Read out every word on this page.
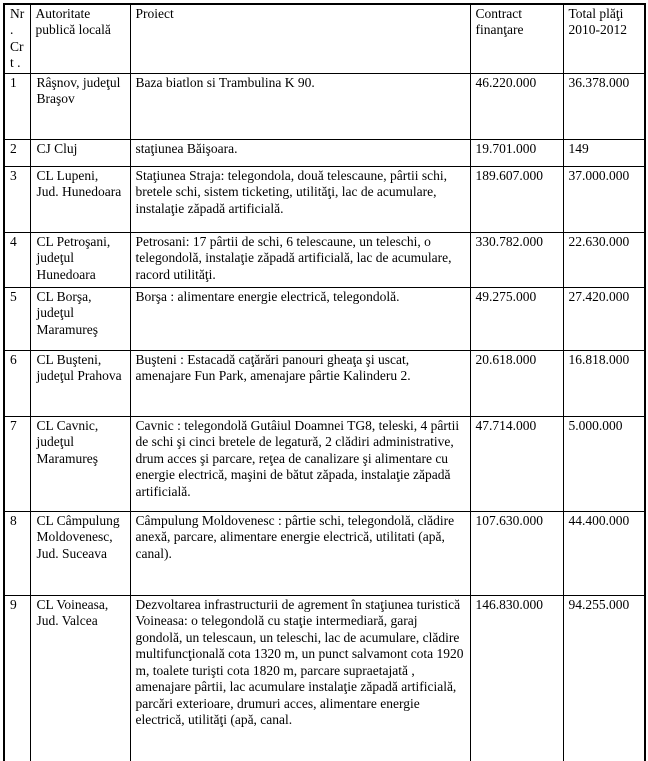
Nr. Crt .	Autoritate publică locală	Proiect	Contract finanţare	Total plăţi 2010-2012
1	Râşnov, judeţul Braşov	Baza biatlon si Trambulina K 90.	46.220.000	36.378.000
2	CJ Cluj	staţiunea Băişoara.	19.701.000	149
3	CL Lupeni, Jud. Hunedoara	Staţiunea Straja: telegondola, două telescaune, pârtii schi, bretele schi, sistem ticketing, utilităţi, lac de acumulare, instalaţie zăpadă artificială.	189.607.000	37.000.000
4	CL Petroşani, judeţul Hunedoara	Petrosani: 17 pârtii de schi, 6 telescaune, un teleschi, o telegondolă, instalaţie zăpadă artificială, lac de acumulare, racord utilităţi.	330.782.000	22.630.000
5	CL Borşa, judeţul Maramureş	Borşa : alimentare energie electrică, telegondolă.	49.275.000	27.420.000
6	CL Buşteni, judeţul Prahova	Buşteni : Estacadă caţărări panouri gheaţa şi uscat, amenajare Fun Park, amenajare pârtie Kalinderu 2.	20.618.000	16.818.000
7	CL Cavnic, judeţul Maramureş	Cavnic : telegondolă Gutâiul Doamnei TG8, teleski, 4 pârtii de schi şi cinci bretele de legatură, 2 clădiri administrative, drum acces şi parcare, reţea de canalizare şi alimentare cu energie electrică, maşini de bătut zăpada, instalaţie zăpadă artificială.	47.714.000	5.000.000
8	CL Câmpulung Moldovenesc, Jud. Suceava	Câmpulung Moldovenesc : pârtie schi, telegondolă, clădire anexă, parcare, alimentare energie electrică, utilitati (apă, canal).	107.630.000	44.400.000
9	CL Voineasa, Jud. Valcea	Dezvoltarea infrastructurii de agrement în staţiunea turistică Voineasa: o telegondolă cu staţie intermediară, garaj gondolă, un telescaun, un teleschi, lac de acumulare, clădire multifuncţională cota 1320 m, un punct salvamont cota 1920 m, toalete turişti cota 1820 m, parcare supraetajată , amenajare pârtii, lac acumulare instalaţie zăpadă artificială, parcări exterioare, drumuri acces, alimentare energie electrică, utilităţi (apă, canal.	146.830.000	94.255.000
